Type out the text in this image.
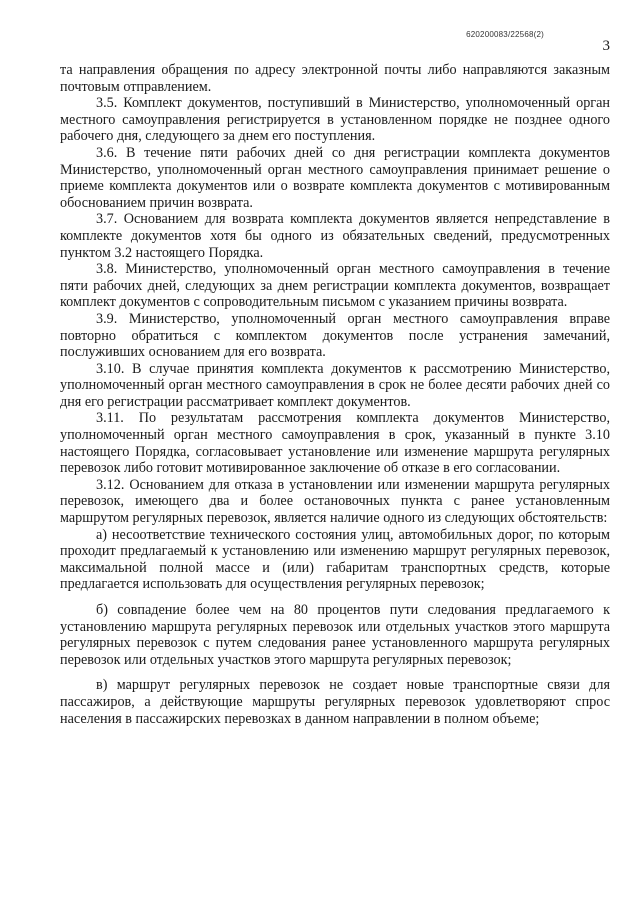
620200083/22568(2)
3

та направления обращения по адресу электронной почты либо направляются заказным почтовым отправлением.

3.5. Комплект документов, поступивший в Министерство, уполномоченный орган местного самоуправления регистрируется в установленном порядке не позднее одного рабочего дня, следующего за днем его поступления.

3.6. В течение пяти рабочих дней со дня регистрации комплекта документов Министерство, уполномоченный орган местного самоуправления принимает решение о приеме комплекта документов или о возврате комплекта документов с мотивированным обоснованием причин возврата.

3.7. Основанием для возврата комплекта документов является непредставление в комплекте документов хотя бы одного из обязательных сведений, предусмотренных пунктом 3.2 настоящего Порядка.

3.8. Министерство, уполномоченный орган местного самоуправления в течение пяти рабочих дней, следующих за днем регистрации комплекта документов, возвращает комплект документов с сопроводительным письмом с указанием причины возврата.

3.9. Министерство, уполномоченный орган местного самоуправления вправе повторно обратиться с комплектом документов после устранения замечаний, послуживших основанием для его возврата.

3.10. В случае принятия комплекта документов к рассмотрению Министерство, уполномоченный орган местного самоуправления в срок не более десяти рабочих дней со дня его регистрации рассматривает комплект документов.

3.11. По результатам рассмотрения комплекта документов Министерство, уполномоченный орган местного самоуправления в срок, указанный в пункте 3.10 настоящего Порядка, согласовывает установление или изменение маршрута регулярных перевозок либо готовит мотивированное заключение об отказе в его согласовании.

3.12. Основанием для отказа в установлении или изменении маршрута регулярных перевозок, имеющего два и более остановочных пункта с ранее установленным маршрутом регулярных перевозок, является наличие одного из следующих обстоятельств:

а) несоответствие технического состояния улиц, автомобильных дорог, по которым проходит предлагаемый к установлению или изменению маршрут регулярных перевозок, максимальной полной массе и (или) габаритам транспортных средств, которые предлагается использовать для осуществления регулярных перевозок;

б) совпадение более чем на 80 процентов пути следования предлагаемого к установлению маршрута регулярных перевозок или отдельных участков этого маршрута регулярных перевозок с путем следования ранее установленного маршрута регулярных перевозок или отдельных участков этого маршрута регулярных перевозок;

в) маршрут регулярных перевозок не создает новые транспортные связи для пассажиров, а действующие маршруты регулярных перевозок удовлетворяют спрос населения в пассажирских перевозках в данном направлении в полном объеме;
